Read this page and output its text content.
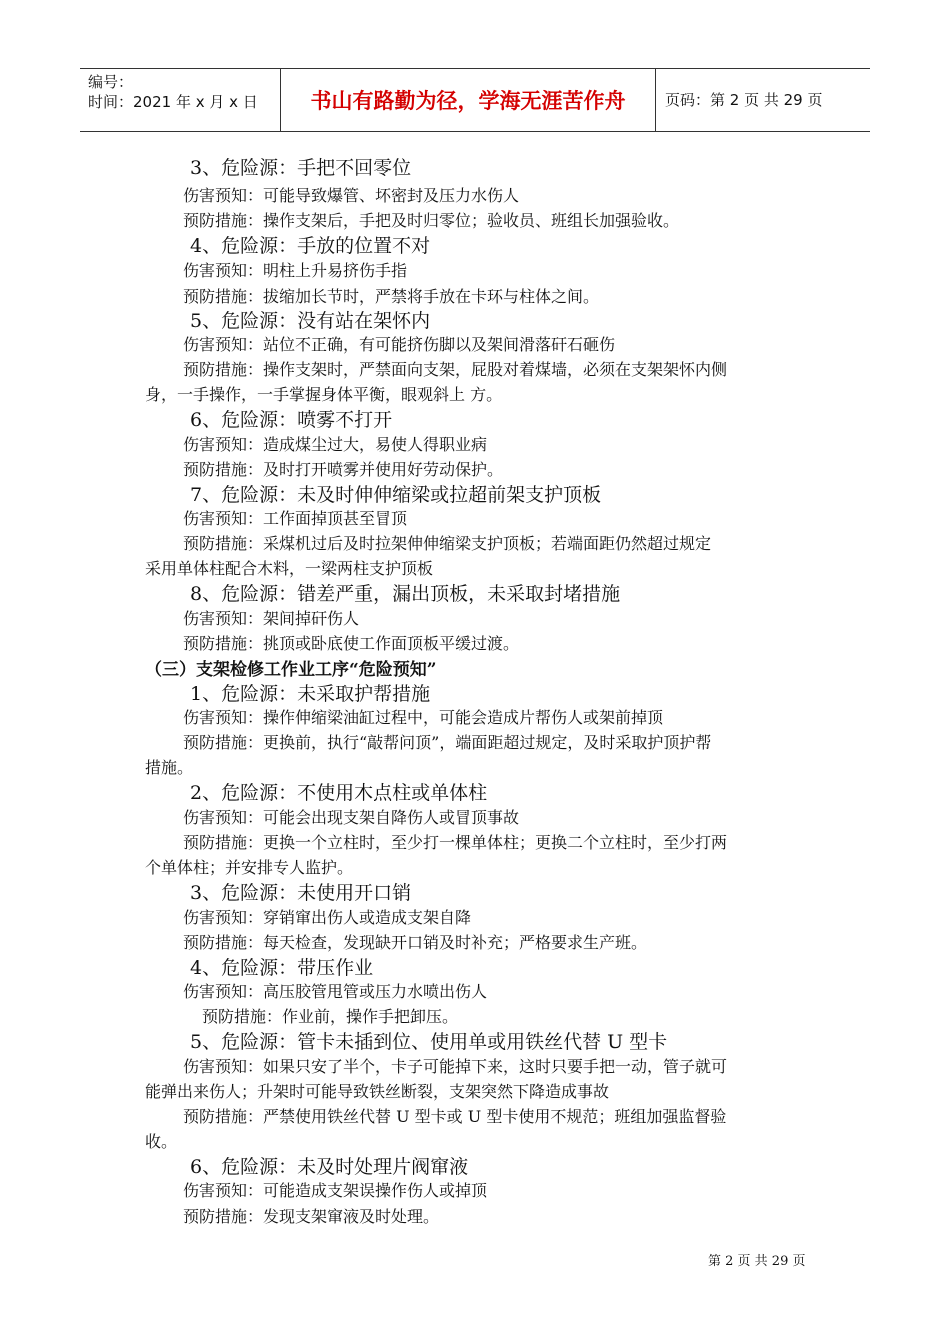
编号：
时间：2021 年 x 月 x 日	书山有路勤为径，学海无涯苦作舟	页码：第 2 页 共 29 页
3、危险源：手把不回零位
伤害预知：可能导致爆管、坏密封及压力水伤人
预防措施：操作支架后，手把及时归零位；验收员、班组长加强验收。
4、危险源：手放的位置不对
伤害预知：明柱上升易挤伤手指
预防措施：拔缩加长节时，严禁将手放在卡环与柱体之间。
5、危险源：没有站在架怀内
伤害预知：站位不正确，有可能挤伤脚以及架间滑落矸石砸伤
预防措施：操作支架时，严禁面向支架，屁股对着煤墙，必须在支架架怀内侧
身，一手操作，一手掌握身体平衡，眼观斜上 方。
6、危险源：喷雾不打开
伤害预知：造成煤尘过大，易使人得职业病
预防措施：及时打开喷雾并使用好劳动保护。
7、危险源：未及时伸伸缩梁或拉超前架支护顶板
伤害预知：工作面掉顶甚至冒顶
预防措施：采煤机过后及时拉架伸伸缩梁支护顶板；若端面距仍然超过规定
采用单体柱配合木料，一梁两柱支护顶板
8、危险源：错差严重，漏出顶板，未采取封堵措施
伤害预知：架间掉矸伤人
预防措施：挑顶或卧底使工作面顶板平缓过渡。
（三）支架检修工作业工序“危险预知”
1、危险源：未采取护帮措施
伤害预知：操作伸缩梁油缸过程中，可能会造成片帮伤人或架前掉顶
预防措施：更换前，执行“敲帮问顶”，端面距超过规定，及时采取护顶护帮
措施。
2、危险源：不使用木点柱或单体柱
伤害预知：可能会出现支架自降伤人或冒顶事故
预防措施：更换一个立柱时，至少打一棵单体柱；更换二个立柱时，至少打两
个单体柱；并安排专人监护。
3、危险源：未使用开口销
伤害预知：穿销窜出伤人或造成支架自降
预防措施：每天检查，发现缺开口销及时补充；严格要求生产班。
4、危险源：带压作业
伤害预知：高压胶管甩管或压力水喷出伤人
预防措施：作业前，操作手把卸压。
5、危险源：管卡未插到位、使用单或用铁丝代替 U 型卡
伤害预知：如果只安了半个，卡子可能掉下来，这时只要手把一动，管子就可
能弹出来伤人；升架时可能导致铁丝断裂，支架突然下降造成事故
预防措施：严禁使用铁丝代替 U 型卡或 U 型卡使用不规范；班组加强监督验
收。
6、危险源：未及时处理片阀窜液
伤害预知：可能造成支架误操作伤人或掉顶
预防措施：发现支架窜液及时处理。
第 2 页 共 29 页
